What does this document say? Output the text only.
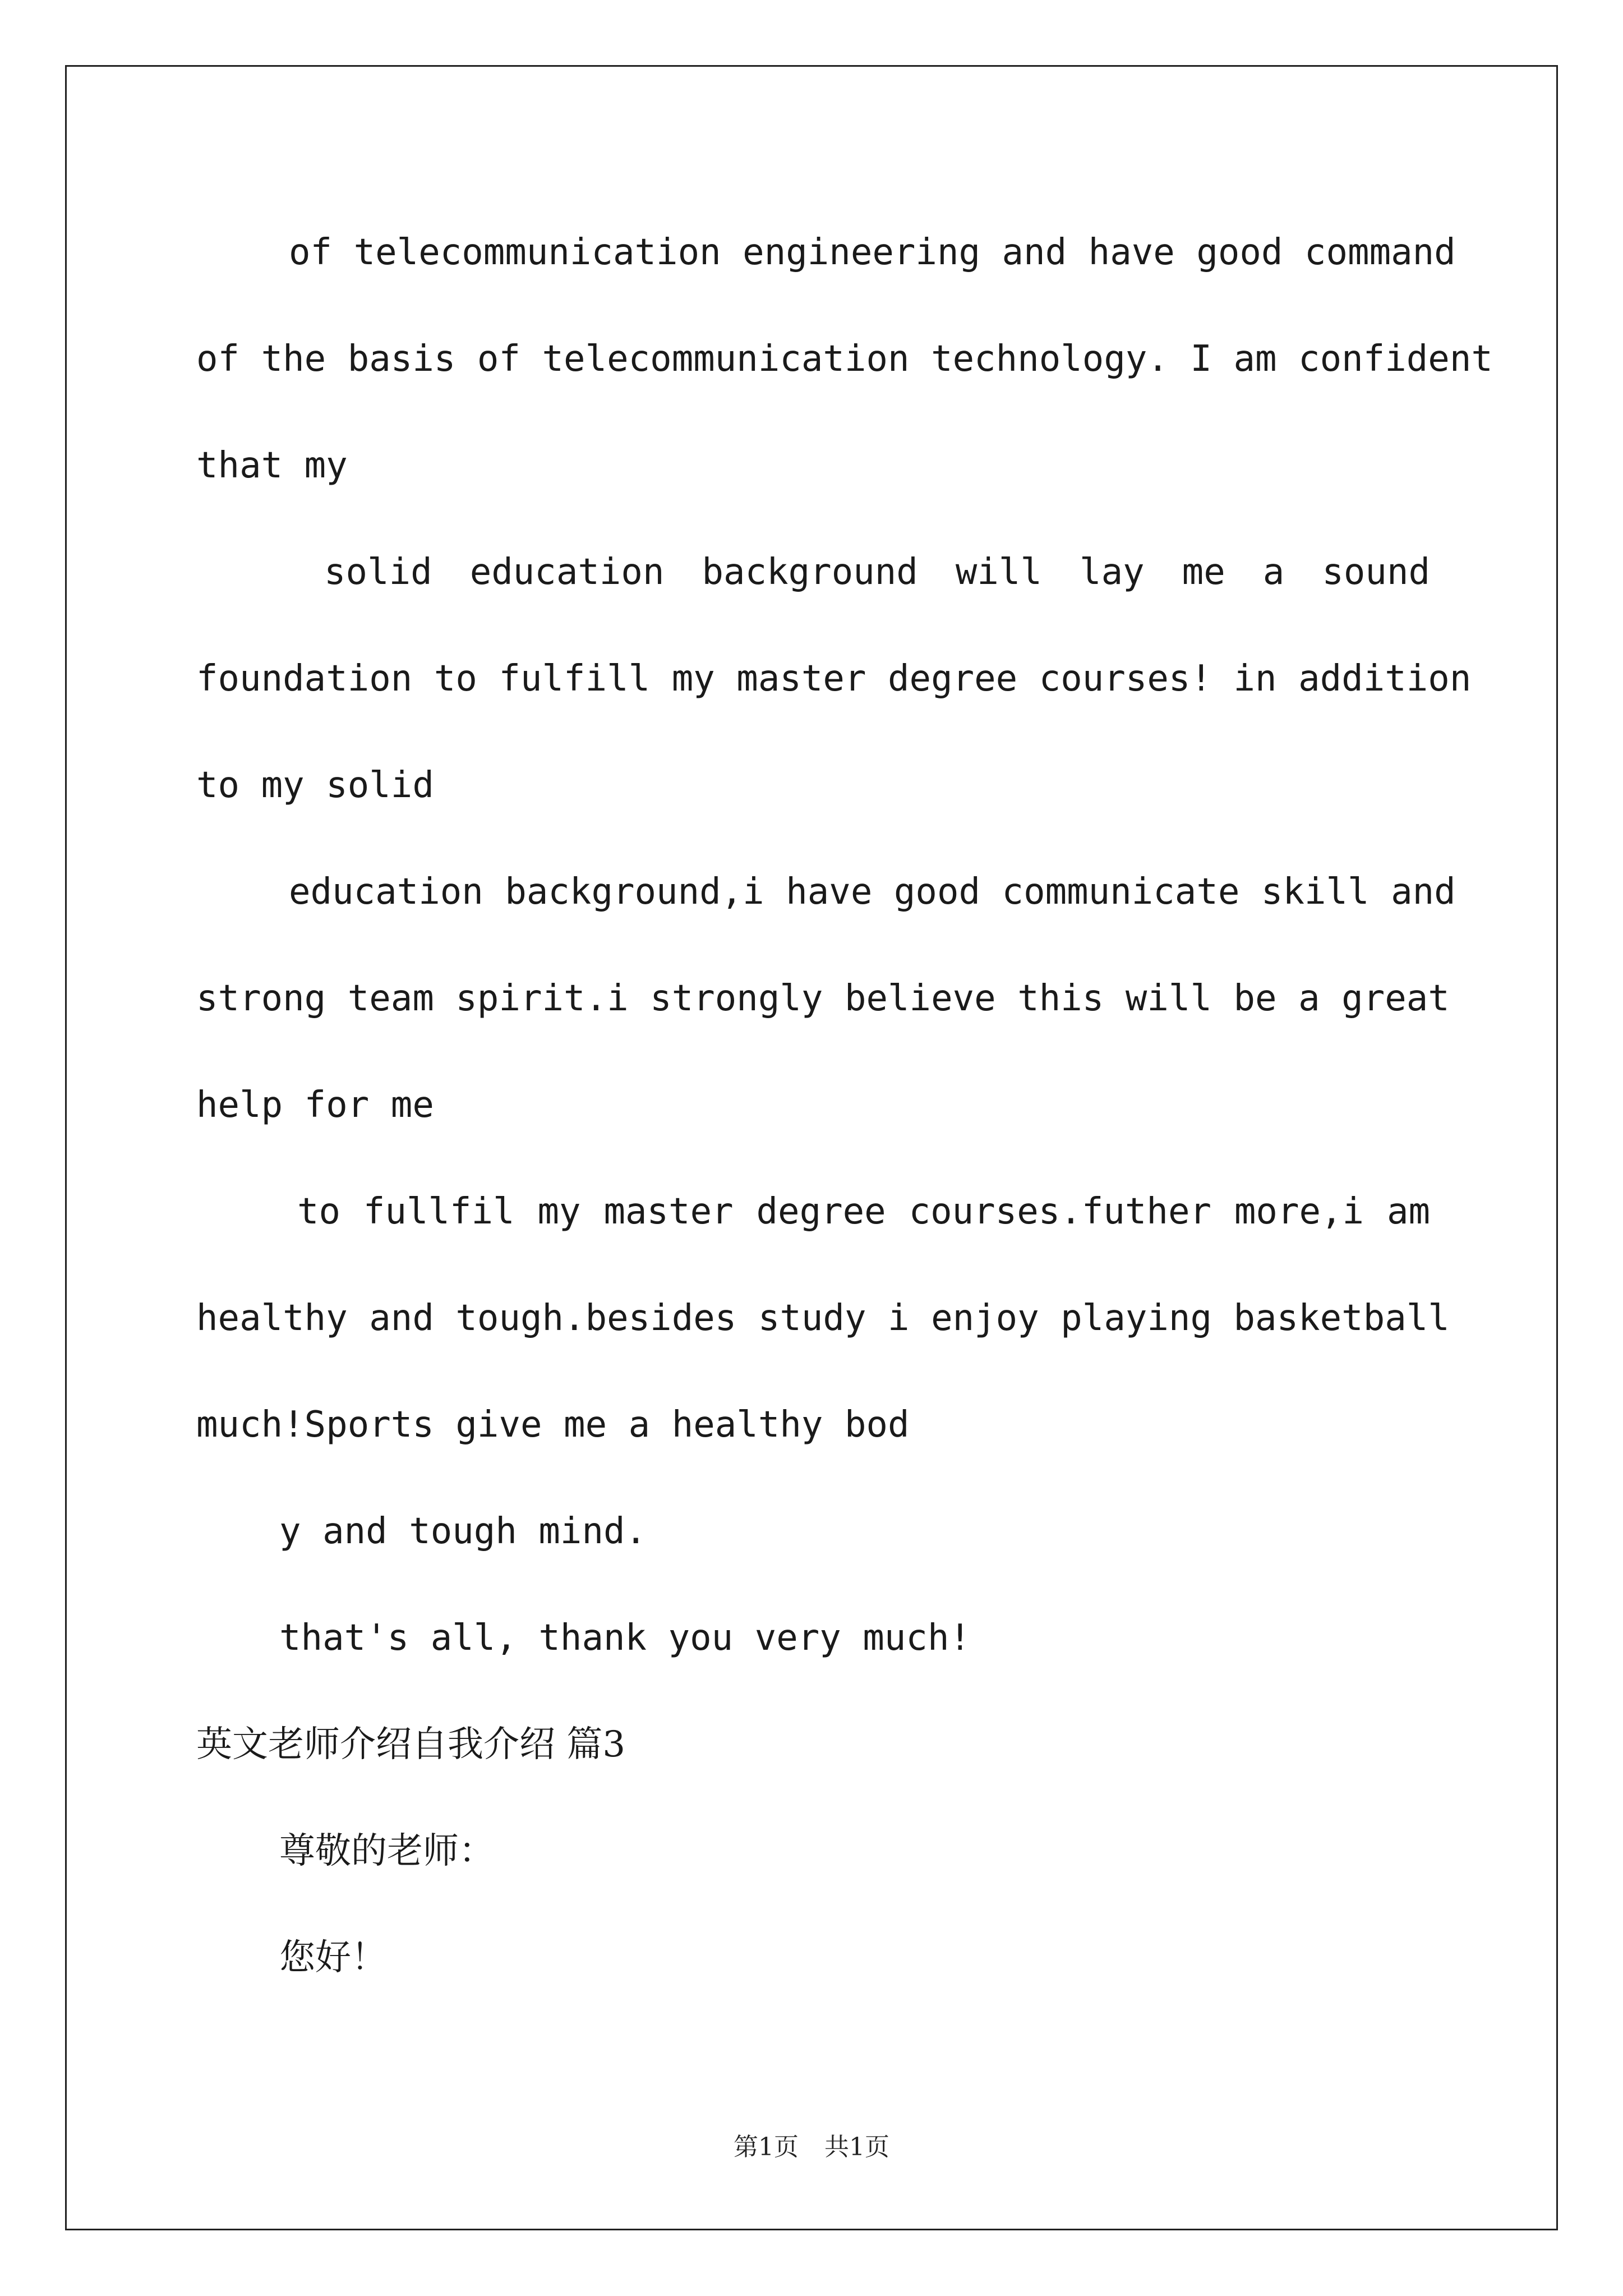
of telecommunication engineering and have good command
of the basis of telecommunication technology. I am confident
that my
solid education background will lay me a sound
foundation to fulfill my master degree courses! in addition
to my solid
education background,i have good communicate skill and
strong team spirit.i strongly believe this will be a great
help for me
to fullfil my master degree courses.futher more,i am
healthy and tough.besides study i enjoy playing basketball
much!Sports give me a healthy bod
y and tough mind.
that's all, thank you very much!
英文老师介绍自我介绍 篇3
尊敬的老师：
您好！
第1页 共1页
